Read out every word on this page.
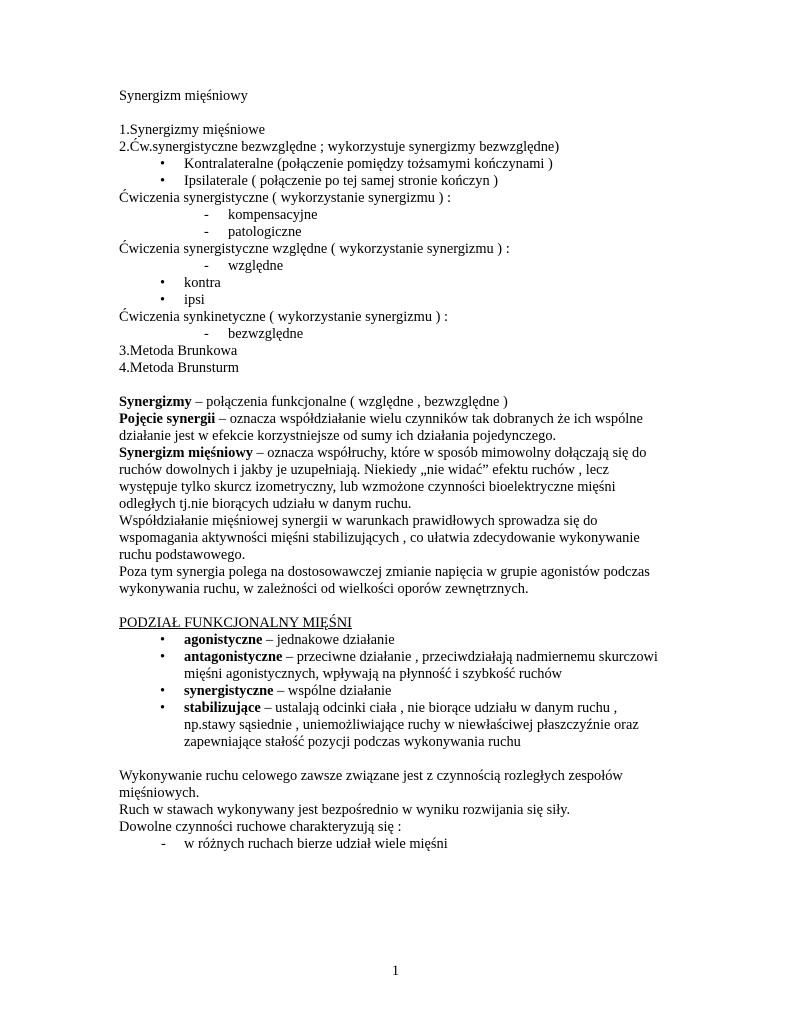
Synergizm mięśniowy
1.Synergizmy mięśniowe
2.Ćw.synergistyczne bezwzględne ; wykorzystuje synergizmy bezwzględne)
• Kontralateralne (połączenie pomiędzy tożsamymi kończynami )
• Ipsilaterale ( połączenie po tej samej stronie kończyn )
Ćwiczenia synergistyczne ( wykorzystanie synergizmu ) :
- kompensacyjne
- patologiczne
Ćwiczenia synergistyczne względne ( wykorzystanie synergizmu ) :
- względne
• kontra
• ipsi
Ćwiczenia synkinetyczne ( wykorzystanie synergizmu ) :
- bezwzględne
3.Metoda Brunkowa
4.Metoda Brunsturm
Synergizmy – połączenia funkcjonalne ( względne , bezwzględne )
Pojęcie synergii – oznacza współdziałanie wielu czynników tak dobranych że ich wspólne
działanie jest w efekcie korzystniejsze od sumy ich działania pojedynczego.
Synergizm mięśniowy – oznacza współruchy, które w sposób mimowolny dołączają się do
ruchów dowolnych i jakby je uzupełniają. Niekiedy „nie widać” efektu ruchów , lecz
występuje tylko skurcz izometryczny, lub wzmożone czynności bioelektryczne mięśni
odległych tj.nie biorących udziału w danym ruchu.
Współdziałanie mięśniowej synergii w warunkach prawidłowych sprowadza się do
wspomagania aktywności mięśni stabilizujących , co ułatwia zdecydowanie wykonywanie
ruchu podstawowego.
Poza tym synergia polega na dostosowawczej zmianie napięcia w grupie agonistów podczas
wykonywania ruchu, w zależności od wielkości oporów zewnętrznych.
PODZIAŁ FUNKCJONALNY MIĘŚNI
• agonistyczne – jednakowe działanie
• antagonistyczne – przeciwne działanie , przeciwdziałają nadmiernemu skurczowi
mięśni agonistycznych, wpływają na płynność i szybkość ruchów
• synergistyczne – wspólne działanie
• stabilizujące – ustalają odcinki ciała , nie biorące udziału w danym ruchu ,
np.stawy sąsiednie , uniemożliwiające ruchy w niewłaściwej płaszczyźnie oraz
zapewniające stałość pozycji podczas wykonywania ruchu
Wykonywanie ruchu celowego zawsze związane jest z czynnością rozległych zespołów
mięśniowych.
Ruch w stawach wykonywany jest bezpośrednio w wyniku rozwijania się siły.
Dowolne czynności ruchowe charakteryzują się :
- w różnych ruchach bierze udział wiele mięśni
1
